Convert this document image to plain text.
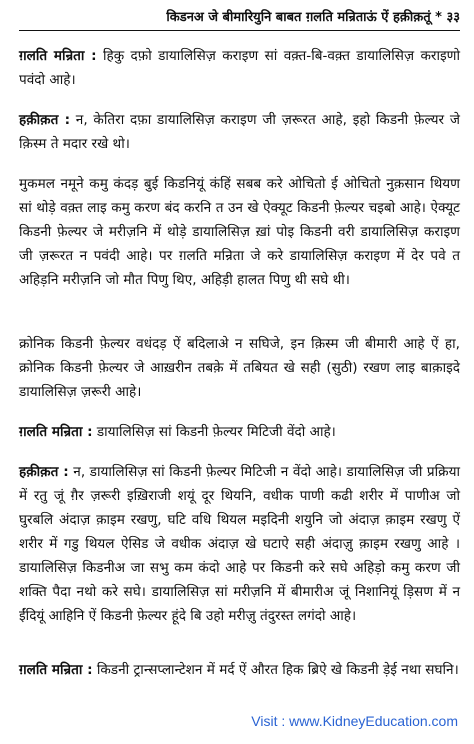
किडनअ जे बीमारियुनि बाबत ग़लति मन्रिताऊं ऐं हक़ीक़तूं * ३३

ग़लति मन्रिता : हिकु दफ़ो डायालिसिज़ कराइण सां वक़्त-बि-वक़्त डायालिसिज़ कराइणो पवंदो आहे।

हक़ीक़त : न, केतिरा दफ़ा डायालिसिज़ कराइण जी ज़रूरत आहे, इहो किडनी फ़ेल्यर जे क़िस्म ते मदार रखे थो।

मुकमल नमूने कमु कंदड़ बुई किडनियूं कंहिं सबब करे ओचितो ई ओचितो नुक़सान थियण सां थोड़े वक़्त लाइ कमु करण बंद करनि त उन खे ऐक्यूट किडनी फ़ेल्यर चइबो आहे। ऐक्यूट किडनी फ़ेल्यर जे मरीज़नि में थोड़े डायालिसिज़ ख़ां पोइ किडनी वरी डायालिसिज़ कराइण जी ज़रूरत न पवंदी आहे। पर ग़लति मन्रिता जे करे डायालिसिज़ कराइण में देर पवे त अहिड़नि मरीज़नि जो मौत पिणु थिए, अहिड़ी हालत पिणु थी सघे थी।

क्रोनिक किडनी फ़ेल्यर वधंदड़ ऐं बदिलाअे न सघिजे, इन क़िस्म जी बीमारी आहे ऐं हा, क्रोनिक किडनी फ़ेल्यर जे आख़रीन तबक़े में तबियत खे सही (सुठी) रखण लाइ बाक़ाइदे डायालिसिज़ ज़रूरी आहे।

ग़लति मन्रिता : डायालिसिज़ सां किडनी फ़ेल्यर मिटिजी वेंदो आहे।

हक़ीक़त : न, डायालिसिज़ सां किडनी फ़ेल्यर मिटिजी न वेंदो आहे। डायालिसिज़ जी प्रक्रिया में रतु जूं ग़ैर ज़रूरी इख़िराजी शयूं दूर थियनि, वधीक पाणी कढी शरीर में पाणीअ जो घुरबलि अंदाज़ क़ाइम रखणु, घटि वधि थियल मइदिनी शयुनि जो अंदाज़ क़ाइम रखणु ऐं शरीर में गडु थियल ऐसिड जे वधीक अंदाज़ खे घटाऐ सही अंदाज़ु क़ाइम रखणु आहे । डायालिसिज़ किडनीअ जा सभु कम कंदो आहे पर किडनी करे सघे अहिड़ो कमु करण जी शक्ति पैदा नथो करे सघे। डायालिसिज़ सां मरीज़नि में बीमारीअ जूं निशानियूं ड़िसण में न ईंदियूं आहिनि ऐं किडनी फ़ेल्यर हूंदे बि उहो मरीज़ु तंदुरस्त लगंदो आहे।

ग़लति मन्रिता : किडनी ट्रान्सप्लान्टेशन में मर्द ऐं औरत हिक ब्रिऐ खे किडनी ड़ेई नथा सघनि।

Visit : www.KidneyEducation.com
